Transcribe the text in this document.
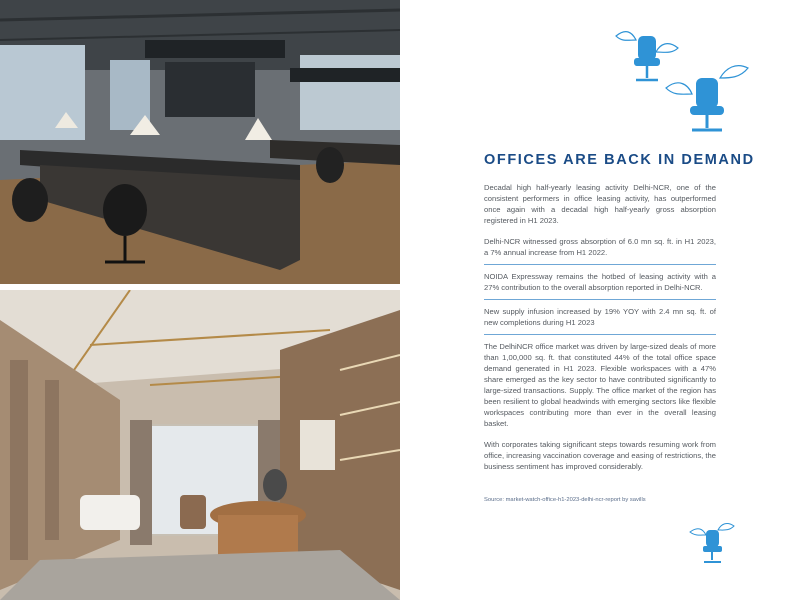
OFFICES ARE BACK IN DEMAND

Decadal high half-yearly leasing activity Delhi-NCR, one of the consistent performers in office leasing activity, has outperformed once again with a decadal high half-yearly gross absorption registered in H1 2023.

Delhi-NCR witnessed gross absorption of 6.0 mn sq. ft. in H1 2023, a 7% annual increase from H1 2022.

NOIDA Expressway remains the hotbed of leasing activity with a 27% contribution to the overall absorption reported in Delhi-NCR.

New supply infusion increased by 19% YOY with 2.4 mn sq. ft. of new completions during H1 2023

The DelhiNCR office market was driven by large-sized deals of more than 1,00,000 sq. ft. that constituted 44% of the total office space demand generated in H1 2023. Flexible workspaces with a 47% share emerged as the key sector to have contributed significantly to large-sized transactions. Supply. The office market of the region has been resilient to global headwinds with emerging sectors like flexible workspaces contributing more than ever in the overall leasing basket.

With corporates taking significant steps towards resuming work from office, increasing vaccination coverage and easing of restrictions, the business sentiment has improved considerably.

Source: market-watch-office-h1-2023-delhi-ncr-report by savills
